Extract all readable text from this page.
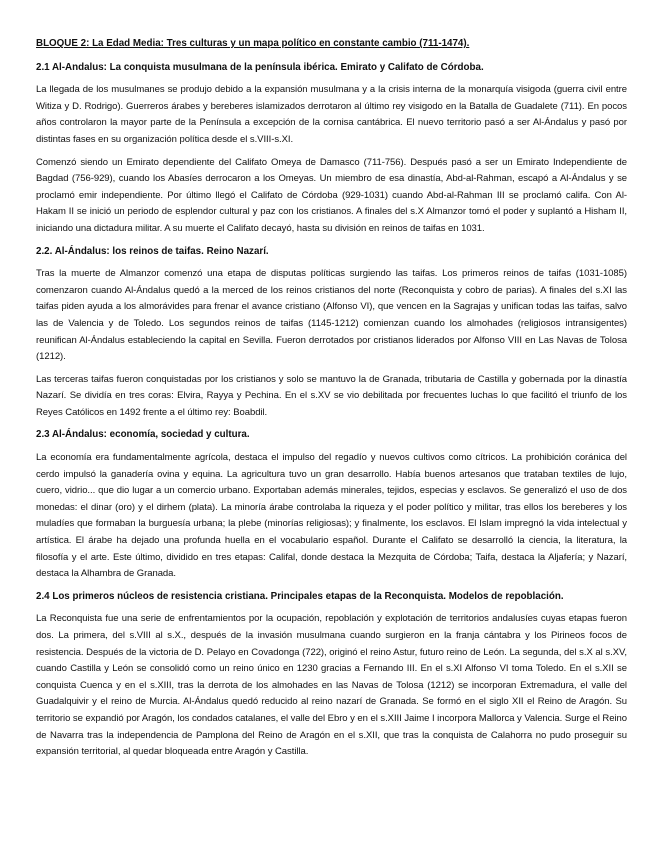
BLOQUE 2: La Edad Media: Tres culturas y un mapa político en constante cambio (711-1474).
2.1 Al-Andalus: La conquista musulmana de la península ibérica. Emirato y Califato de Córdoba.

La llegada de los musulmanes se produjo debido a la expansión musulmana y a la crisis interna de la monarquía visigoda (guerra civil entre Witiza y D. Rodrigo). Guerreros árabes y bereberes islamizados derrotaron al último rey visigodo en la Batalla de Guadalete (711). En pocos años controlaron la mayor parte de la Península a excepción de la cornisa cantábrica. El nuevo territorio pasó a ser Al-Ándalus y pasó por distintas fases en su organización política desde el s.VIII-s.XI.

Comenzó siendo un Emirato dependiente del Califato Omeya de Damasco (711-756). Después pasó a ser un Emirato Independiente de Bagdad (756-929), cuando los Abasíes derrocaron a los Omeyas. Un miembro de esa dinastía, Abd-al-Rahman, escapó a Al-Ándalus y se proclamó emir independiente. Por último llegó el Califato de Córdoba (929-1031) cuando Abd-al-Rahman III se proclamó califa. Con Al-Hakam II se inició un periodo de esplendor cultural y paz con los cristianos. A finales del s.X Almanzor tomó el poder y suplantó a Hisham II, iniciando una dictadura militar. A su muerte el Califato decayó, hasta su división en reinos de taifas en 1031.

2.2. Al-Ándalus: los reinos de taifas. Reino Nazarí.

Tras la muerte de Almanzor comenzó una etapa de disputas políticas surgiendo las taifas. Los primeros reinos de taifas (1031-1085) comenzaron cuando Al-Ándalus quedó a la merced de los reinos cristianos del norte (Reconquista y cobro de parias). A finales del s.XI las taifas piden ayuda a los almorávides para frenar el avance cristiano (Alfonso VI), que vencen en la Sagrajas y unifican todas las taifas, salvo las de Valencia y de Toledo. Los segundos reinos de taifas (1145-1212) comienzan cuando los almohades (religiosos intransigentes) reunifican Al-Ándalus estableciendo la capital en Sevilla. Fueron derrotados por cristianos liderados por Alfonso VIII en Las Navas de Tolosa (1212).

Las terceras taifas fueron conquistadas por los cristianos y solo se mantuvo la de Granada, tributaria de Castilla y gobernada por la dinastía Nazarí. Se dividía en tres coras: Elvira, Rayya y Pechina. En el s.XV se vio debilitada por frecuentes luchas lo que facilitó el triunfo de los Reyes Católicos en 1492 frente a el último rey: Boabdil.

2.3 Al-Ándalus: economía, sociedad y cultura.

La economía era fundamentalmente agrícola, destaca el impulso del regadío y nuevos cultivos como cítricos. La prohibición coránica del cerdo impulsó la ganadería ovina y equina. La agricultura tuvo un gran desarrollo. Había buenos artesanos que trataban textiles de lujo, cuero, vidrio... que dio lugar a un comercio urbano. Exportaban además minerales, tejidos, especias y esclavos. Se generalizó el uso de dos monedas: el dinar (oro) y el dirhem (plata). La minoría árabe controlaba la riqueza y el poder político y militar, tras ellos los bereberes y los muladíes que formaban la burguesía urbana; la plebe (minorías religiosas); y finalmente, los esclavos. El Islam impregnó la vida intelectual y artística. El árabe ha dejado una profunda huella en el vocabulario español. Durante el Califato se desarrolló la ciencia, la literatura, la filosofía y el arte. Este último, dividido en tres etapas: Califal, donde destaca la Mezquita de Córdoba; Taifa, destaca la Aljafería; y Nazarí, destaca la Alhambra de Granada.

2.4 Los primeros núcleos de resistencia cristiana. Principales etapas de la Reconquista. Modelos de repoblación.

La Reconquista fue una serie de enfrentamientos por la ocupación, repoblación y explotación de territorios andalusíes cuyas etapas fueron dos. La primera, del s.VIII al s.X., después de la invasión musulmana cuando surgieron en la franja cántabra y los Pirineos focos de resistencia. Después de la victoria de D. Pelayo en Covadonga (722), originó el reino Astur, futuro reino de León. La segunda, del s.X al s.XV, cuando Castilla y León se consolidó como un reino único en 1230 gracias a Fernando III. En el s.XI Alfonso VI toma Toledo. En el s.XII se conquista Cuenca y en el s.XIII, tras la derrota de los almohades en las Navas de Tolosa (1212) se incorporan Extremadura, el valle del Guadalquivir y el reino de Murcia. Al-Ándalus quedó reducido al reino nazarí de Granada. Se formó en el siglo XII el Reino de Aragón. Su territorio se expandió por Aragón, los condados catalanes, el valle del Ebro y en el s.XIII Jaime I incorpora Mallorca y Valencia. Surge el Reino de Navarra tras la independencia de Pamplona del Reino de Aragón en el s.XII, que tras la conquista de Calahorra no pudo proseguir su expansión territorial, al quedar bloqueada entre Aragón y Castilla.
